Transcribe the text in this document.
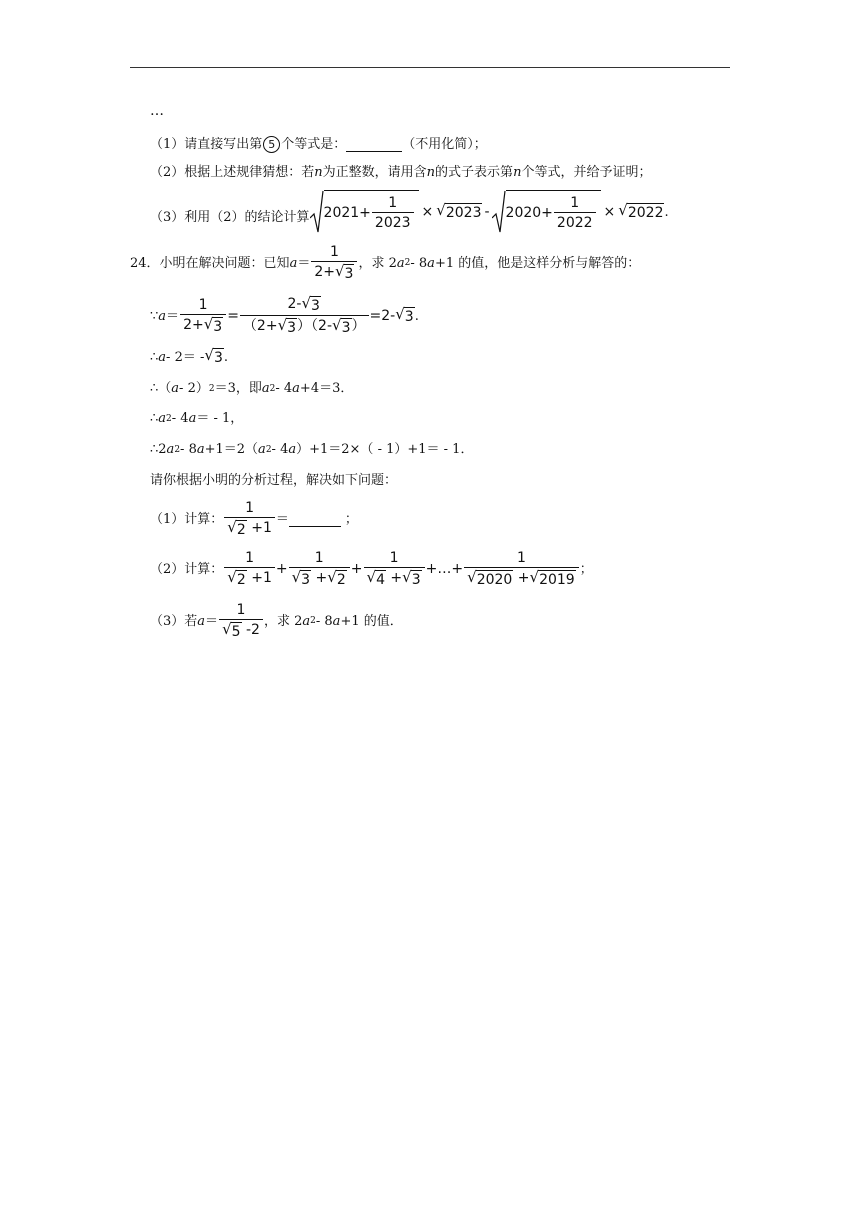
…
（1）请直接写出第 5 个等式是：	（不用化简）；
（2）根据上述规律猜想：若 n 为正整数，请用含 n 的式子表示第 n 个等式，并给予证明；
（3）利用（2）的结论计算 $2021+ \frac{1}{2023}$ × √ $2023 - 2020+ \frac{1}{2022}$ × √ 2022 .
24． 小明在解决问题：已知 $a = \frac{1}{2+ √ 3}$ ，求 2 a 2 - 8 a +1 的值，他是这样分析与解答的：
∵ $a = \frac{1}{2+ √ 3} = \frac{2- √ 3}{(2+ √ 3 )(2- √ 3 )} =2-$ √ 3 .
∴ a - 2＝ - √ 3 .
∴（ a - 2） 2 ＝3，即 a 2 - 4 a +4＝3．
∴ a 2 - 4 a ＝ - 1，
∴2 a 2 - 8 a +1＝2（ a 2 - 4 a ）+1＝2×（ - 1）+1＝ - 1．
请你根据小明的分析过程，解决如下问题：
（1）计算： $\frac{1}{√ 2 +1}$ ＝	；
（2）计算： $\frac{1}{√ 2 +1} + \frac{1}{√ 3 + √ 2} + \frac{1}{√ 4 + √ 3}$ +…+ $\frac{1}{√ 2020 + √ 2019}$ ；
（3）若 $a = \frac{1}{√ 5 -2}$ ，求 2 a 2 - 8 a +1 的值．
